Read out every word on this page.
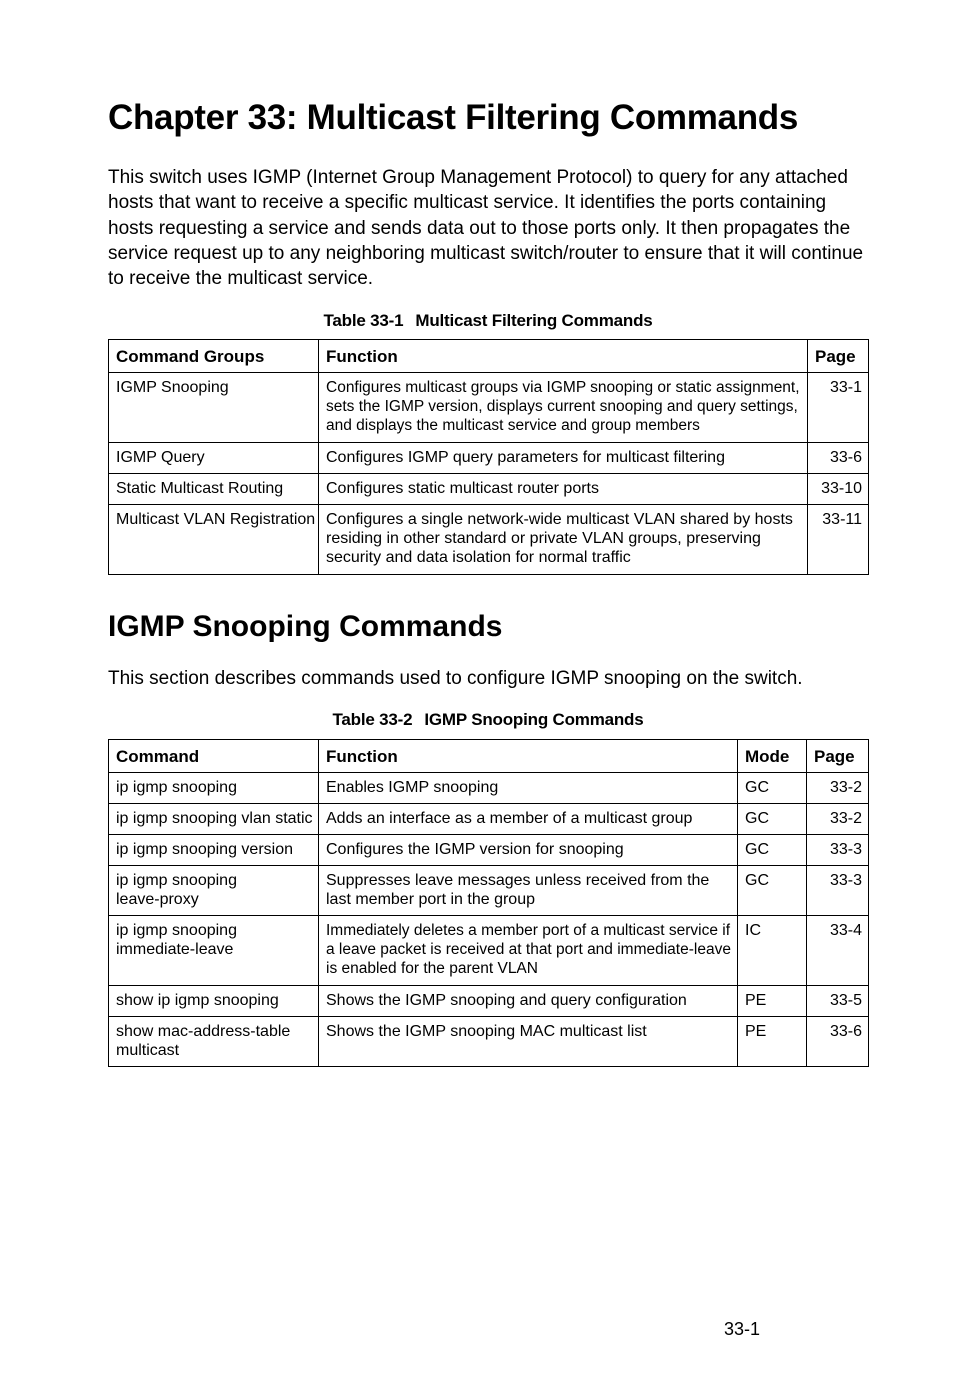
Chapter 33: Multicast Filtering Commands

This switch uses IGMP (Internet Group Management Protocol) to query for any attached hosts that want to receive a specific multicast service. It identifies the ports containing hosts requesting a service and sends data out to those ports only. It then propagates the service request up to any neighboring multicast switch/router to ensure that it will continue to receive the multicast service.

Table 33-1 Multicast Filtering Commands
Command Groups	Function	Page
IGMP Snooping	Configures multicast groups via IGMP snooping or static assignment, sets the IGMP version, displays current snooping and query settings, and displays the multicast service and group members	33-1
IGMP Query	Configures IGMP query parameters for multicast filtering	33-6
Static Multicast Routing	Configures static multicast router ports	33-10
Multicast VLAN Registration	Configures a single network-wide multicast VLAN shared by hosts residing in other standard or private VLAN groups, preserving security and data isolation for normal traffic	33-11
IGMP Snooping Commands

This section describes commands used to configure IGMP snooping on the switch.

Table 33-2 IGMP Snooping Commands
Command	Function	Mode	Page
ip igmp snooping	Enables IGMP snooping	GC	33-2
ip igmp snooping vlan static	Adds an interface as a member of a multicast group	GC	33-2
ip igmp snooping version	Configures the IGMP version for snooping	GC	33-3
ip igmp snooping leave-proxy	Suppresses leave messages unless received from the last member port in the group	GC	33-3
ip igmp snooping immediate-leave	Immediately deletes a member port of a multicast service if a leave packet is received at that port and immediate-leave is enabled for the parent VLAN	IC	33-4
show ip igmp snooping	Shows the IGMP snooping and query configuration	PE	33-5
show mac-address-table multicast	Shows the IGMP snooping MAC multicast list	PE	33-6
33-1
